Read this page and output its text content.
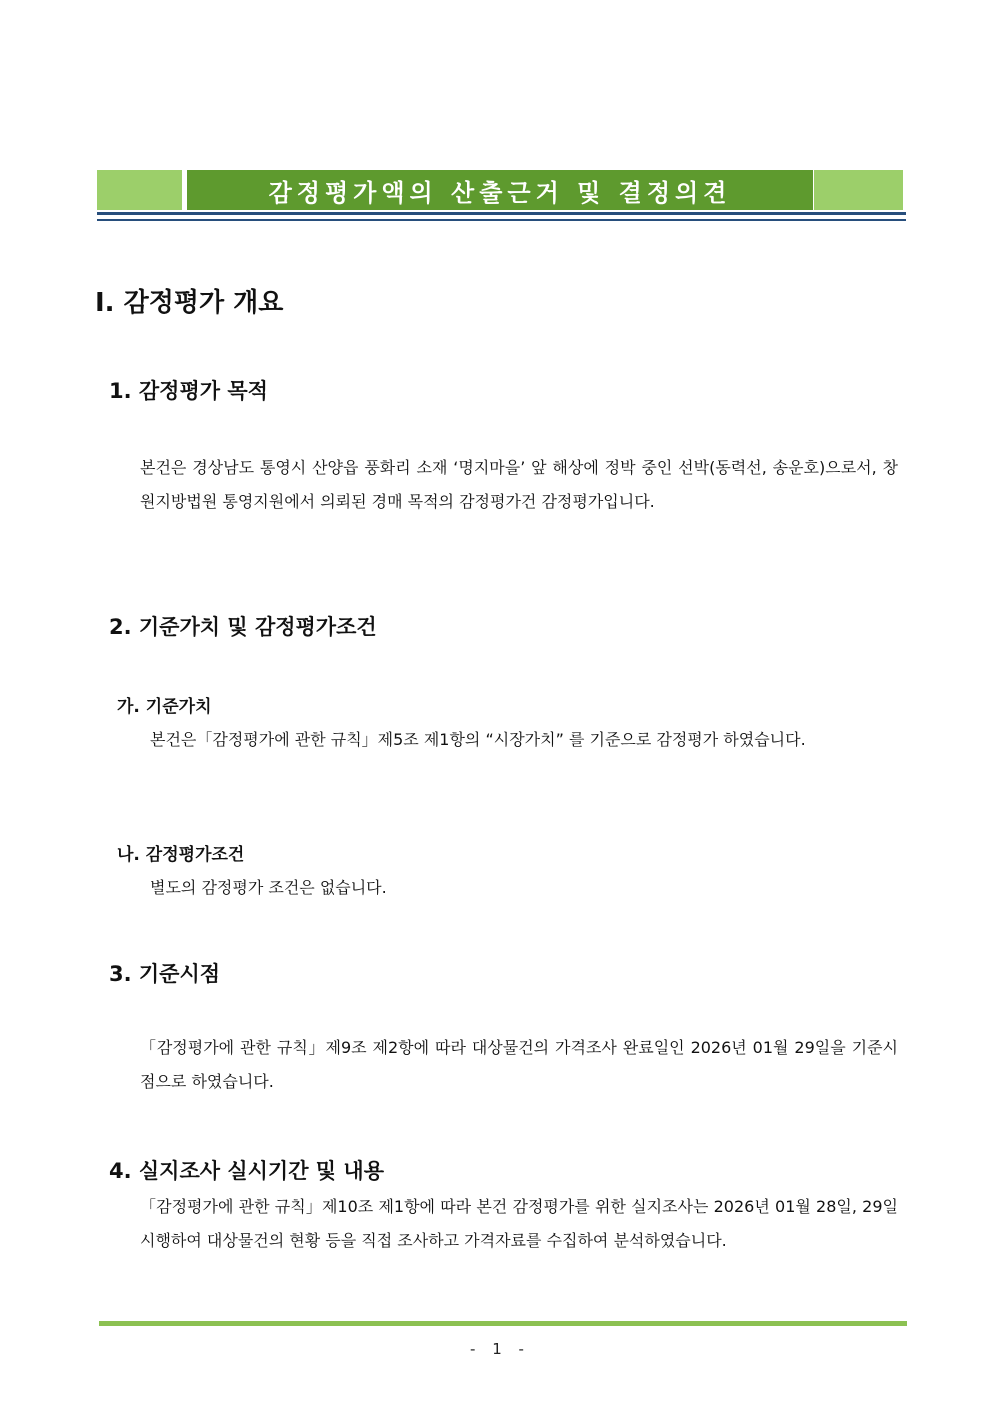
감정평가액의 산출근거 및 결정의견
I. 감정평가 개요
1. 감정평가 목적
본건은 경상남도 통영시 산양읍 풍화리 소재 ‘명지마을’ 앞 해상에 정박 중인 선박(동력선, 송운호)으로서, 창원지방법원 통영지원에서 의뢰된 경매 목적의 감정평가건 감정평가입니다.
2. 기준가치 및 감정평가조건
가. 기준가치
본건은「감정평가에 관한 규칙」제5조 제1항의 “시장가치” 를 기준으로 감정평가 하였습니다.
나. 감정평가조건
별도의 감정평가 조건은 없습니다.
3. 기준시점
「감정평가에 관한 규칙」제9조 제2항에 따라 대상물건의 가격조사 완료일인 2026년 01월 29일을 기준시점으로 하였습니다.
4. 실지조사 실시기간 및 내용
「감정평가에 관한 규칙」제10조 제1항에 따라 본건 감정평가를 위한 실지조사는 2026년 01월 28일, 29일 시행하여 대상물건의 현황 등을 직접 조사하고 가격자료를 수집하여 분석하였습니다.
- 1 -
